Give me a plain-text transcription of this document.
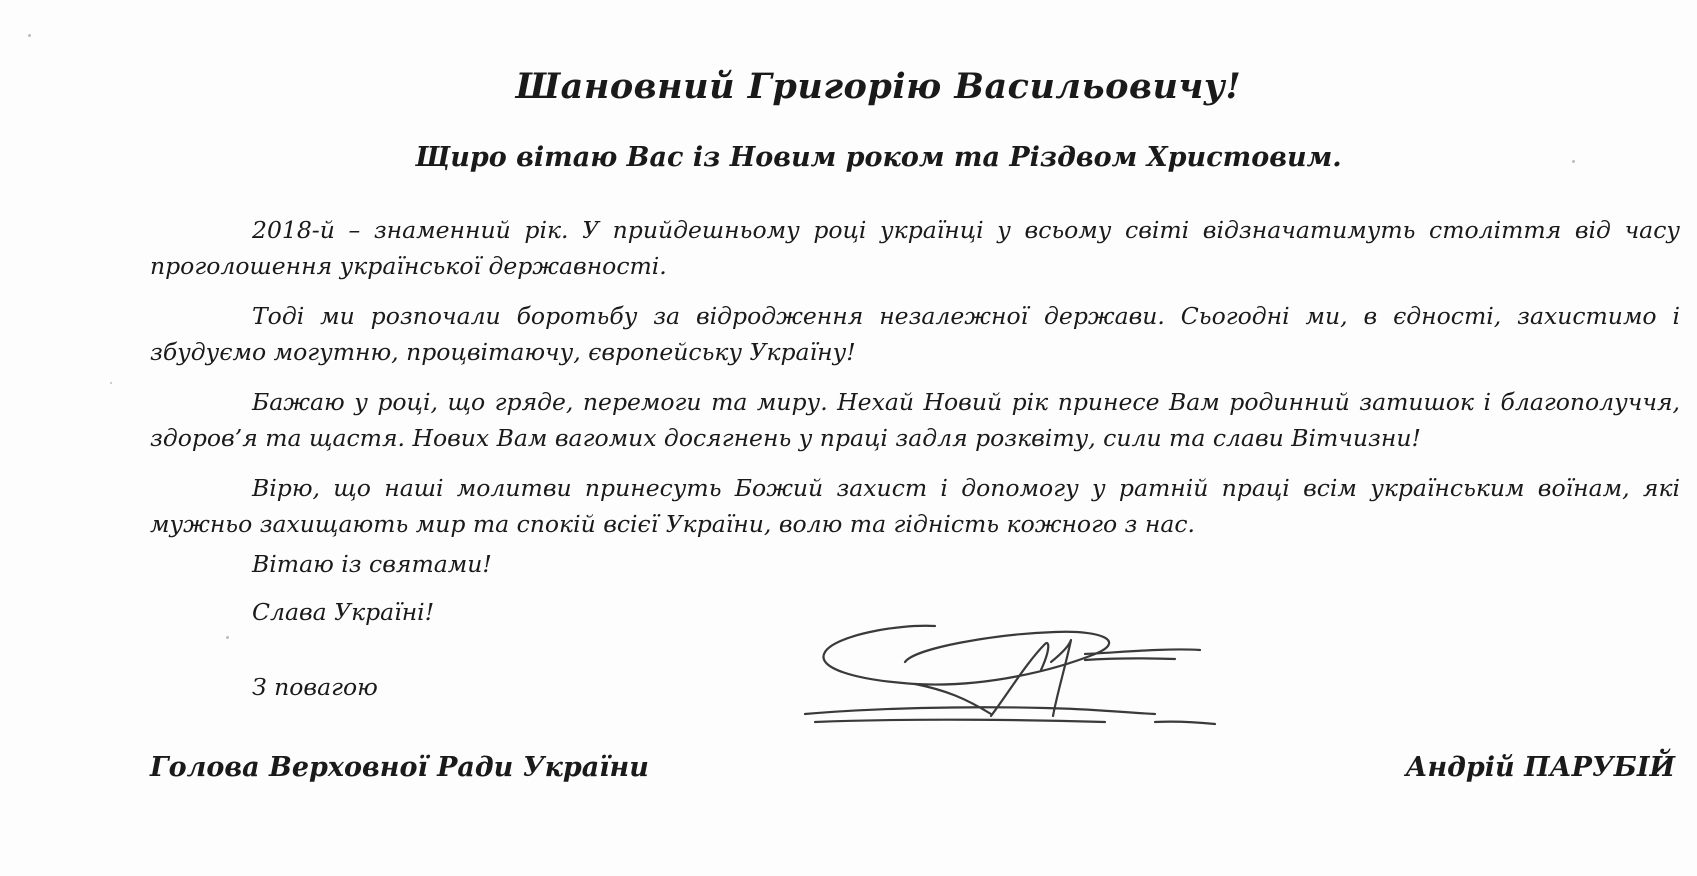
Шановний Григорію Васильовичу!
Щиро вітаю Вас із Новим роком та Різдвом Христовим.

2018-й – знаменний рік. У прийдешньому році українці у всьому світі відзначатимуть століття від часу проголошення української державності.

Тоді ми розпочали боротьбу за відродження незалежної держави. Сьогодні ми, в єдності, захистимо і збудуємо могутню, процвітаючу, європейську Україну!

Бажаю у році, що гряде, перемоги та миру. Нехай Новий рік принесе Вам родинний затишок і благополуччя, здоров’я та щастя. Нових Вам вагомих досягнень у праці задля розквіту, сили та слави Вітчизни!

Вірю, що наші молитви принесуть Божий захист і допомогу у ратній праці всім українським воїнам, які мужньо захищають мир та спокій всієї України, волю та гідність кожного з нас.

Вітаю із святами!

Слава Україні!

З повагою

Голова Верховної Ради України	Андрій ПАРУБІЙ
